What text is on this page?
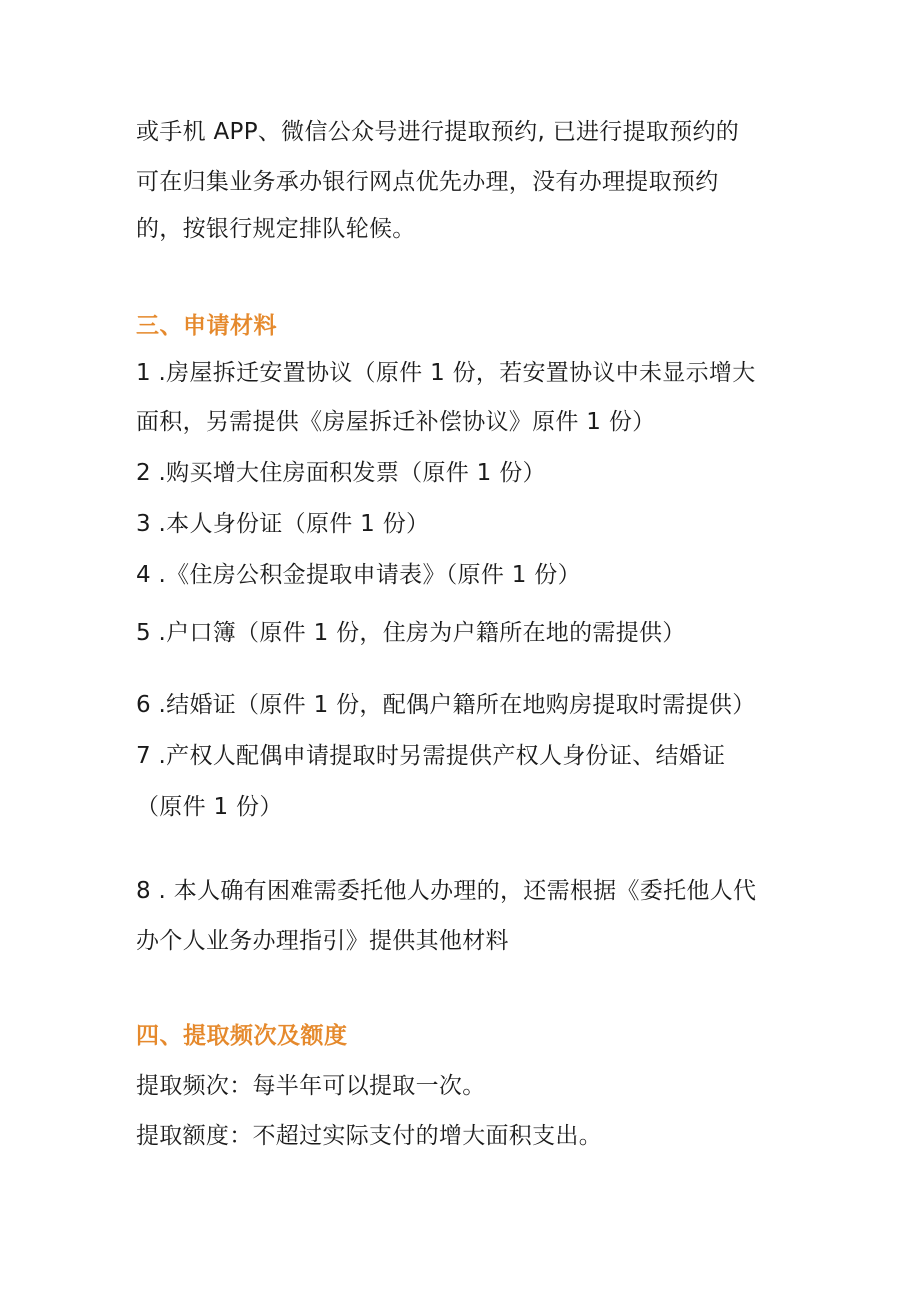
或手机 APP、微信公众号进行提取预约, 已进行提取预约的
可在归集业务承办银行网点优先办理，没有办理提取预约
的，按银行规定排队轮候。
三、申请材料
1 .房屋拆迁安置协议（原件 1 份，若安置协议中未显示增大
面积，另需提供《房屋拆迁补偿协议》原件 1 份）
2 .购买增大住房面积发票（原件 1 份）
3 .本人身份证（原件 1 份）
4 .《住房公积金提取申请表》（原件 1 份）
5 .户口簿（原件 1 份，住房为户籍所在地的需提供）
6 .结婚证（原件 1 份，配偶户籍所在地购房提取时需提供）
7 .产权人配偶申请提取时另需提供产权人身份证、结婚证
（原件 1 份）
8 . 本人确有困难需委托他人办理的，还需根据《委托他人代
办个人业务办理指引》提供其他材料
四、提取频次及额度
提取频次：每半年可以提取一次。
提取额度：不超过实际支付的增大面积支出。
